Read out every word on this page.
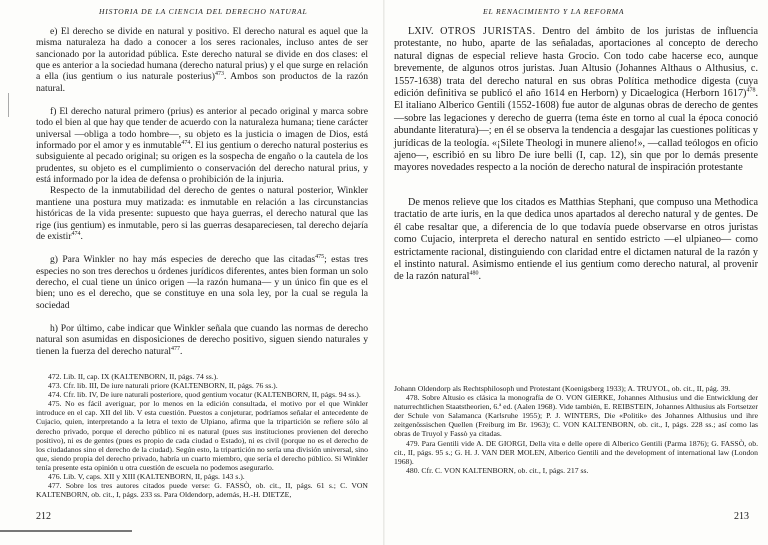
HISTORIA DE LA CIENCIA DEL DERECHO NATURAL

e) El derecho se divide en natural y positivo. El derecho natural es aquel que la misma naturaleza ha dado a conocer a los seres racionales, incluso antes de ser sancionado por la autoridad pública. Este derecho natural se divide en dos clases: el que es anterior a la sociedad humana (derecho natural prius) y el que surge en relación a ella (ius gentium o ius naturale posterius)$^{473}$. Ambos son productos de la razón natural.

f) El derecho natural primero (prius) es anterior al pecado original y marca sobre todo el bien al que hay que tender de acuerdo con la naturaleza humana; tiene carácter universal —obliga a todo hombre—, su objeto es la justicia o imagen de Dios, está informado por el amor y es inmutable$^{474}$. El ius gentium o derecho natural posterius es subsiguiente al pecado original; su origen es la sospecha de engaño o la cautela de los prudentes, su objeto es el cumplimiento o conservación del derecho natural prius, y está informado por la idea de defensa o prohibición de la injuria.

Respecto de la inmutabilidad del derecho de gentes o natural posterior, Winkler mantiene una postura muy matizada: es inmutable en relación a las circunstancias históricas de la vida presente: supuesto que haya guerras, el derecho natural que las rige (ius gentium) es inmutable, pero si las guerras desapareciesen, tal derecho dejaría de existir$^{474}$.

g) Para Winkler no hay más especies de derecho que las citadas$^{475}$; estas tres especies no son tres derechos u órdenes jurídicos diferentes, antes bien forman un solo derecho, el cual tiene un único origen —la razón humana— y un único fin que es el bien; uno es el derecho, que se constituye en una sola ley, por la cual se regula la sociedad

h) Por último, cabe indicar que Winkler señala que cuando las normas de derecho natural son asumidas en disposiciones de derecho positivo, siguen siendo naturales y tienen la fuerza del derecho natural$^{477}$.

472. Lib. II, cap. IX (KALTENBORN, II, págs. 74 ss.).

473. Cfr. lib. III, De iure naturali priore (KALTENBORN, II, págs. 76 ss.).

474. Cfr. lib. IV, De iure naturali posteriore, quod gentium vocatur (KALTENBORN, II, págs. 94 ss.).

475. No es fácil averiguar, por lo menos en la edición consultada, el motivo por el que Winkler introduce en el cap. XII del lib. V esta cuestión. Puestos a conjeturar, podríamos señalar el antecedente de Cujacio, quien, interpretando a la letra el texto de Ulpiano, afirma que la tripartición se refiere sólo al derecho privado, porque el derecho público ni es natural (pues sus instituciones provienen del derecho positivo), ni es de gentes (pues es propio de cada ciudad o Estado), ni es civil (porque no es el derecho de los ciudadanos sino el derecho de la ciudad). Según esto, la tripartición no sería una división universal, sino que, siendo propia del derecho privado, habría un cuarto miembro, que sería el derecho público. Si Winkler tenía presente esta opinión u otra cuestión de escuela no podemos asegurarlo.

476. Lib. V, caps. XII y XIII (KALTENBORN, II, págs. 143 s.).

477. Sobre los tres autores citados puede verse: G. FASSÒ, ob. cit., II, págs. 61 s.; C. VON KALTENBORN, ob. cit., I, págs. 233 ss. Para Oldendorp, además, H.-H. DIETZE,

212
EL RENACIMIENTO Y LA REFORMA

LXIV. OTROS JURISTAS. Dentro del ámbito de los juristas de influencia protestante, no hubo, aparte de las señaladas, aportaciones al concepto de derecho natural dignas de especial relieve hasta Grocio. Con todo cabe hacerse eco, aunque brevemente, de algunos otros juristas. Juan Altusio (Johannes Althaus o Althusius, c. 1557-1638) trata del derecho natural en sus obras Política methodice digesta (cuya edición definitiva se publicó el año 1614 en Herborn) y Dicaelogica (Herborn 1617)$^{478}$. El italiano Alberico Gentili (1552-1608) fue autor de algunas obras de derecho de gentes —sobre las legaciones y derecho de guerra (tema éste en torno al cual la época conoció abundante literatura)—; en él se observa la tendencia a desgajar las cuestiones políticas y jurídicas de la teología. «¡Silete Theologi in munere alieno!», —callad teólogos en oficio ajeno—, escribió en su libro De iure belli (I, cap. 12), sin que por lo demás presente mayores novedades respecto a la noción de derecho natural de inspiración protestante

De menos relieve que los citados es Matthias Stephani, que compuso una Methodica tractatio de arte iuris, en la que dedica unos apartados al derecho natural y de gentes. De él cabe resaltar que, a diferencia de lo que todavía puede observarse en otros juristas como Cujacio, interpreta el derecho natural en sentido estricto —el ulpianeo— como estrictamente racional, distinguiendo con claridad entre el dictamen natural de la razón y el instinto natural. Asimismo entiende el ius gentium como derecho natural, al provenir de la razón natural$^{480}$.

Johann Oldendorp als Rechtsphilosoph und Protestant (Koenigsberg 1933); A. TRUYOL, ob. cit., II, pág. 39.

478. Sobre Altusio es clásica la monografía de O. VON GIERKE, Johannes Althusius und die Entwicklung der naturrechtlichen Staatstheorien, 6.ª ed. (Aalen 1968). Vide también, E. REIBSTEIN, Johannes Althusius als Fortsetzer der Schule von Salamanca (Karlsruhe 1955); P. J. WINTERS, Die «Politik» des Johannes Althusius und ihre zeitgenössischen Quellen (Freiburg im Br. 1963); C. VON KALTENBORN, ob. cit., I, págs. 228 ss.; así como las obras de Truyol y Fassò ya citadas.

479. Para Gentili vide A. DE GIORGI, Della vita e delle opere di Alberico Gentili (Parma 1876); G. FASSÒ, ob. cit., II, págs. 95 s.; G. H. J. VAN DER MOLEN, Alberico Gentili and the development of international law (London 1968).

480. Cfr. C. VON KALTENBORN, ob. cit., I, págs. 217 ss.

213
